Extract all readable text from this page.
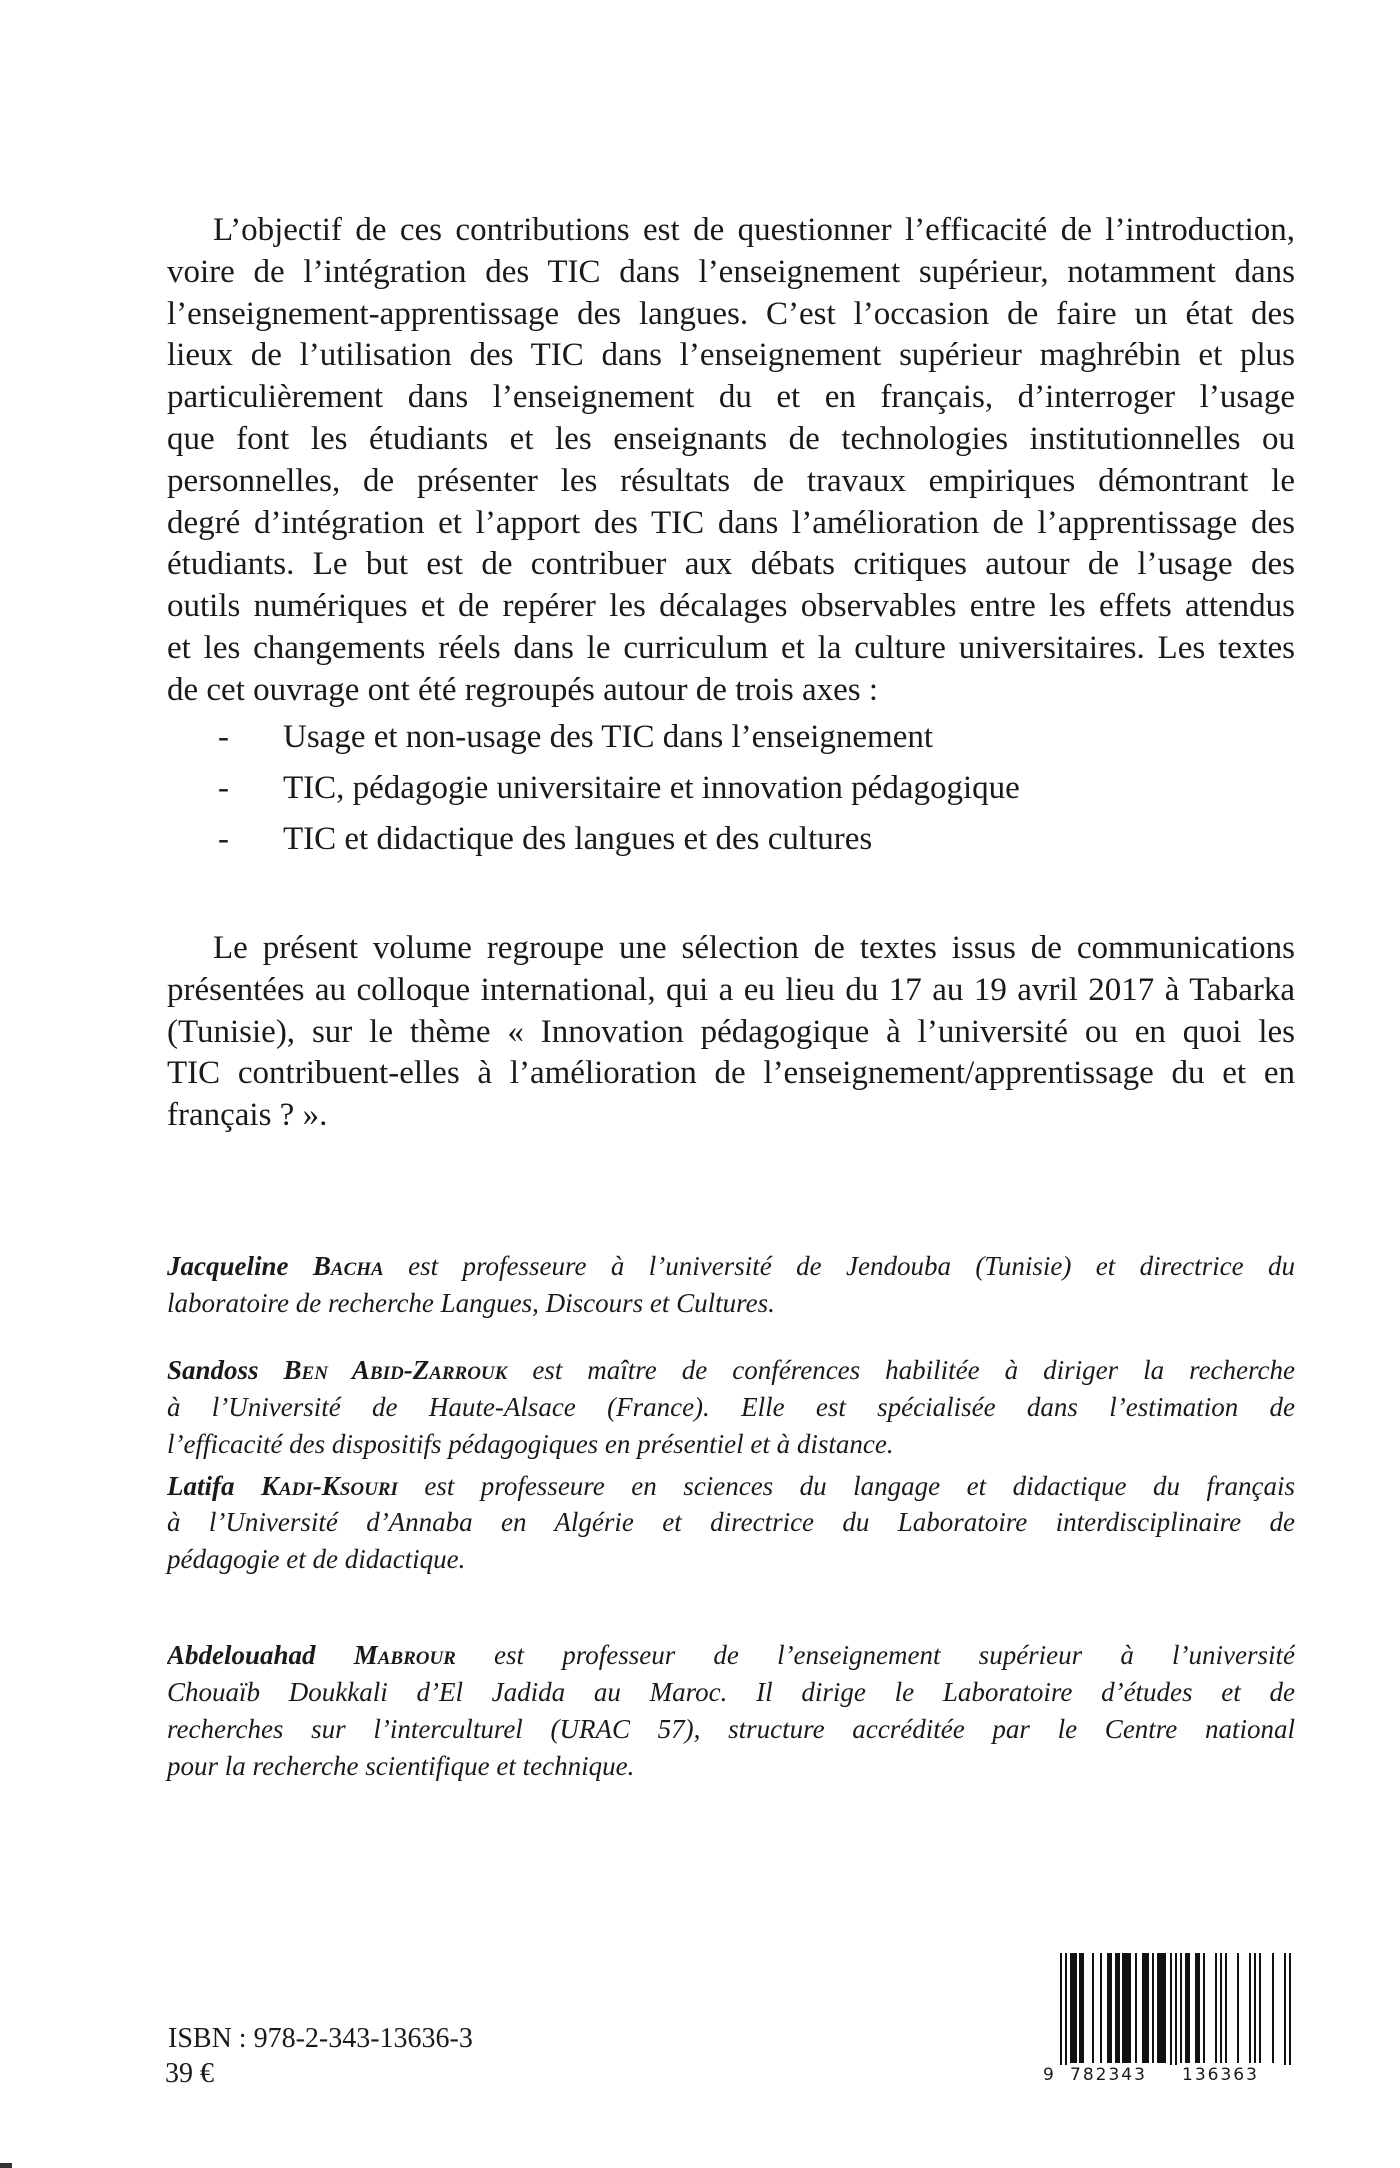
L’objectif de ces contributions est de questionner l’efficacité de l’introduction,
voire de l’intégration des TIC dans l’enseignement supérieur, notamment dans
l’enseignement-apprentissage des langues. C’est l’occasion de faire un état des
lieux de l’utilisation des TIC dans l’enseignement supérieur maghrébin et plus
particulièrement dans l’enseignement du et en français, d’interroger l’usage
que font les étudiants et les enseignants de technologies institutionnelles ou
personnelles, de présenter les résultats de travaux empiriques démontrant le
degré d’intégration et l’apport des TIC dans l’amélioration de l’apprentissage des
étudiants. Le but est de contribuer aux débats critiques autour de l’usage des
outils numériques et de repérer les décalages observables entre les effets attendus
et les changements réels dans le curriculum et la culture universitaires. Les textes
de cet ouvrage ont été regroupés autour de trois axes :
- Usage et non-usage des TIC dans l’enseignement
- TIC, pédagogie universitaire et innovation pédagogique
- TIC et didactique des langues et des cultures
Le présent volume regroupe une sélection de textes issus de communications
présentées au colloque international, qui a eu lieu du 17 au 19 avril 2017 à Tabarka
(Tunisie), sur le thème « Innovation pédagogique à l’université ou en quoi les
TIC contribuent-elles à l’amélioration de l’enseignement/apprentissage du et en
français ? ».
Jacqueline Bacha est professeure à l’université de Jendouba (Tunisie) et directrice du
laboratoire de recherche Langues, Discours et Cultures.
Sandoss Ben Abid-Zarrouk est maître de conférences habilitée à diriger la recherche
à l’Université de Haute-Alsace (France). Elle est spécialisée dans l’estimation de
l’efficacité des dispositifs pédagogiques en présentiel et à distance.
Latifa Kadi-Ksouri est professeure en sciences du langage et didactique du français
à l’Université d’Annaba en Algérie et directrice du Laboratoire interdisciplinaire de
pédagogie et de didactique.
Abdelouahad Mabrour est professeur de l’enseignement supérieur à l’université
Chouaïb Doukkali d’El Jadida au Maroc. Il dirige le Laboratoire d’études et de
recherches sur l’interculturel (URAC 57), structure accréditée par le Centre national
pour la recherche scientifique et technique.
ISBN : 978-2-343-13636-3
39 €	9 782343	136363
